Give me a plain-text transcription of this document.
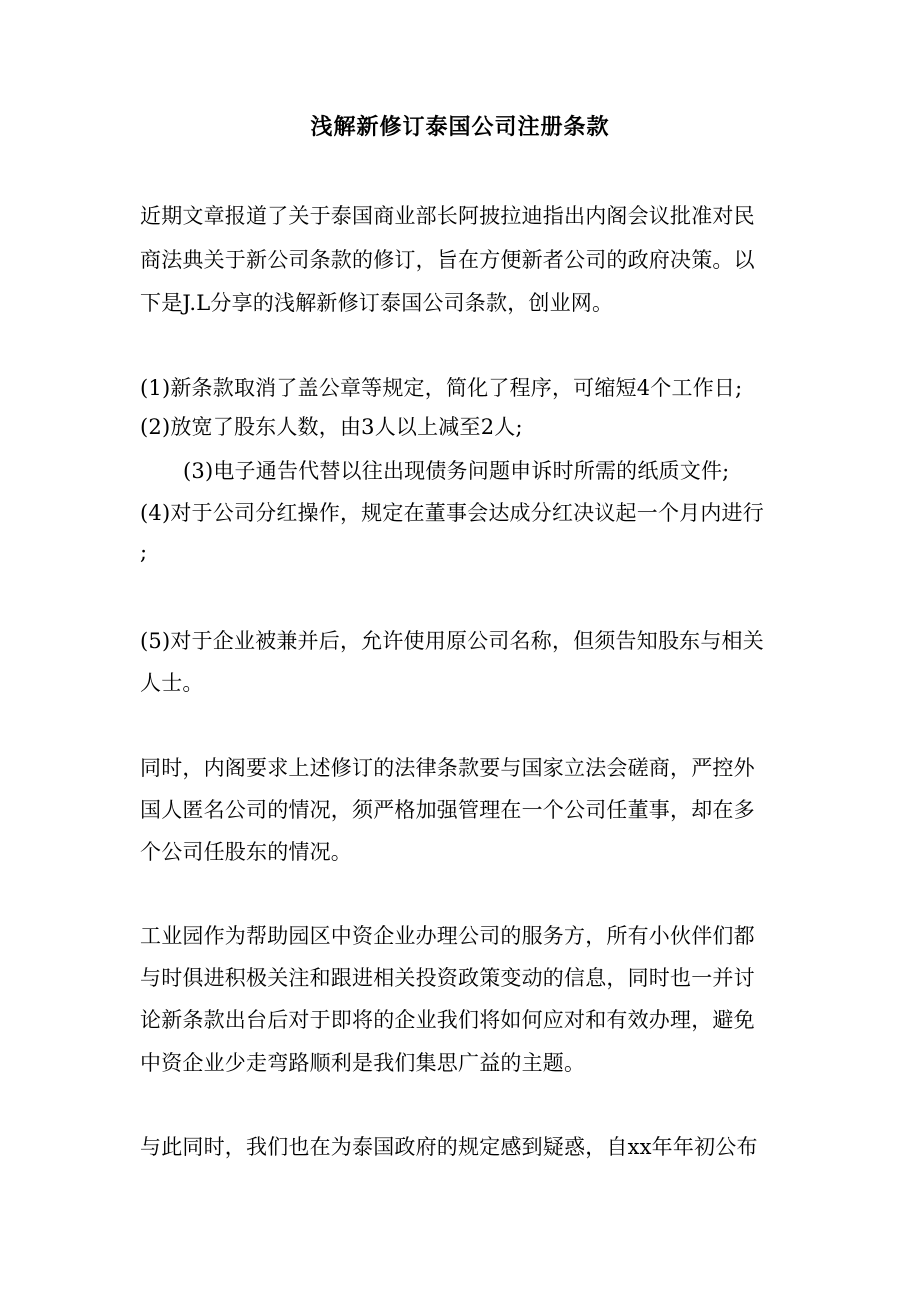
浅解新修订泰国公司注册条款
近期文章报道了关于泰国商业部长阿披拉迪指出内阁会议批准对民
商法典关于新公司条款的修订，旨在方便新者公司的政府决策。以
下是J.L分享的浅解新修订泰国公司条款，创业网。
(1)新条款取消了盖公章等规定，简化了程序，可缩短4个工作日;
(2)放宽了股东人数，由3人以上减至2人;
(3)电子通告代替以往出现债务问题申诉时所需的纸质文件;
(4)对于公司分红操作，规定在董事会达成分红决议起一个月内进行
;
(5)对于企业被兼并后，允许使用原公司名称，但须告知股东与相关
人士。
同时，内阁要求上述修订的法律条款要与国家立法会磋商，严控外
国人匿名公司的情况，须严格加强管理在一个公司任董事，却在多
个公司任股东的情况。
工业园作为帮助园区中资企业办理公司的服务方，所有小伙伴们都
与时俱进积极关注和跟进相关投资政策变动的信息，同时也一并讨
论新条款出台后对于即将的企业我们将如何应对和有效办理，避免
中资企业少走弯路顺利是我们集思广益的主题。
与此同时，我们也在为泰国政府的规定感到疑惑，自xx年年初公布
